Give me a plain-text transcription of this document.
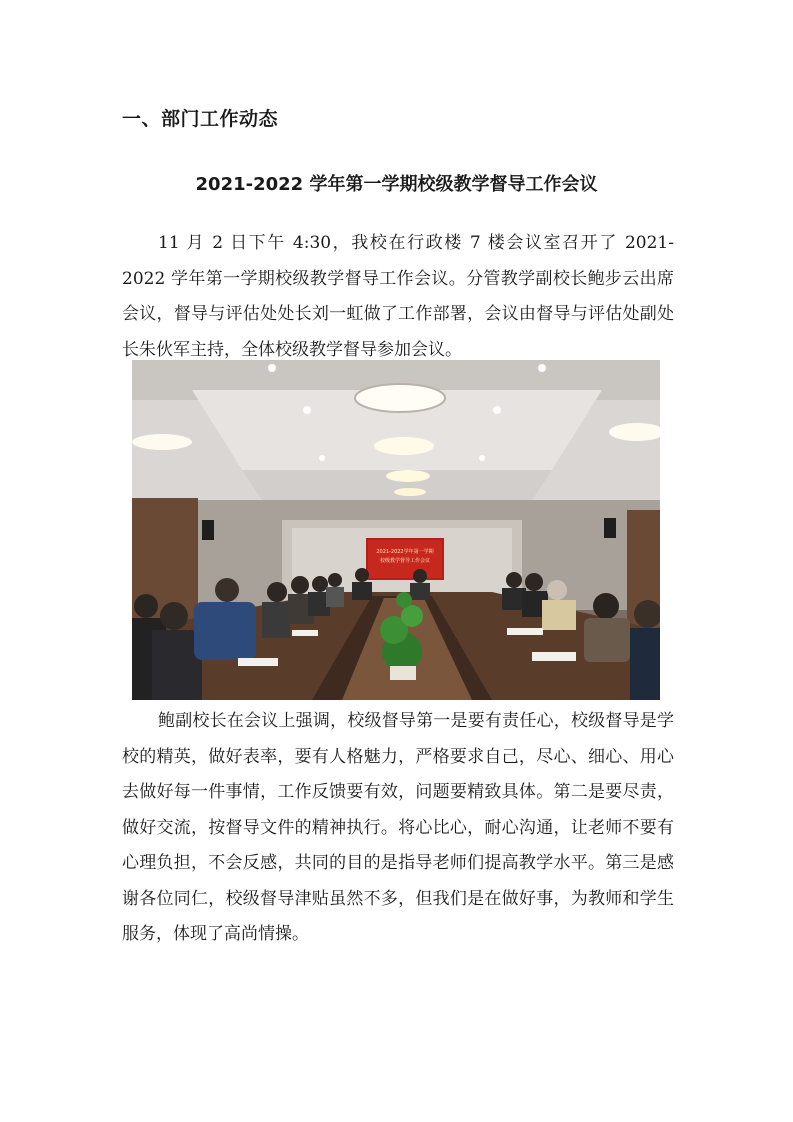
一、部门工作动态
2021-2022 学年第一学期校级教学督导工作会议

11 月 2 日下午 4:30，我校在行政楼 7 楼会议室召开了 2021-2022 学年第一学期校级教学督导工作会议。分管教学副校长鲍步云出席会议，督导与评估处处长刘一虹做了工作部署，会议由督导与评估处副处长朱伙军主持，全体校级教学督导参加会议。

2021-2022学年第一学期
校级教学督导工作会议

鲍副校长在会议上强调，校级督导第一是要有责任心，校级督导是学校的精英，做好表率，要有人格魅力，严格要求自己，尽心、细心、用心去做好每一件事情，工作反馈要有效，问题要精致具体。第二是要尽责，做好交流，按督导文件的精神执行。将心比心，耐心沟通，让老师不要有心理负担，不会反感，共同的目的是指导老师们提高教学水平。第三是感谢各位同仁，校级督导津贴虽然不多，但我们是在做好事，为教师和学生服务，体现了高尚情操。
